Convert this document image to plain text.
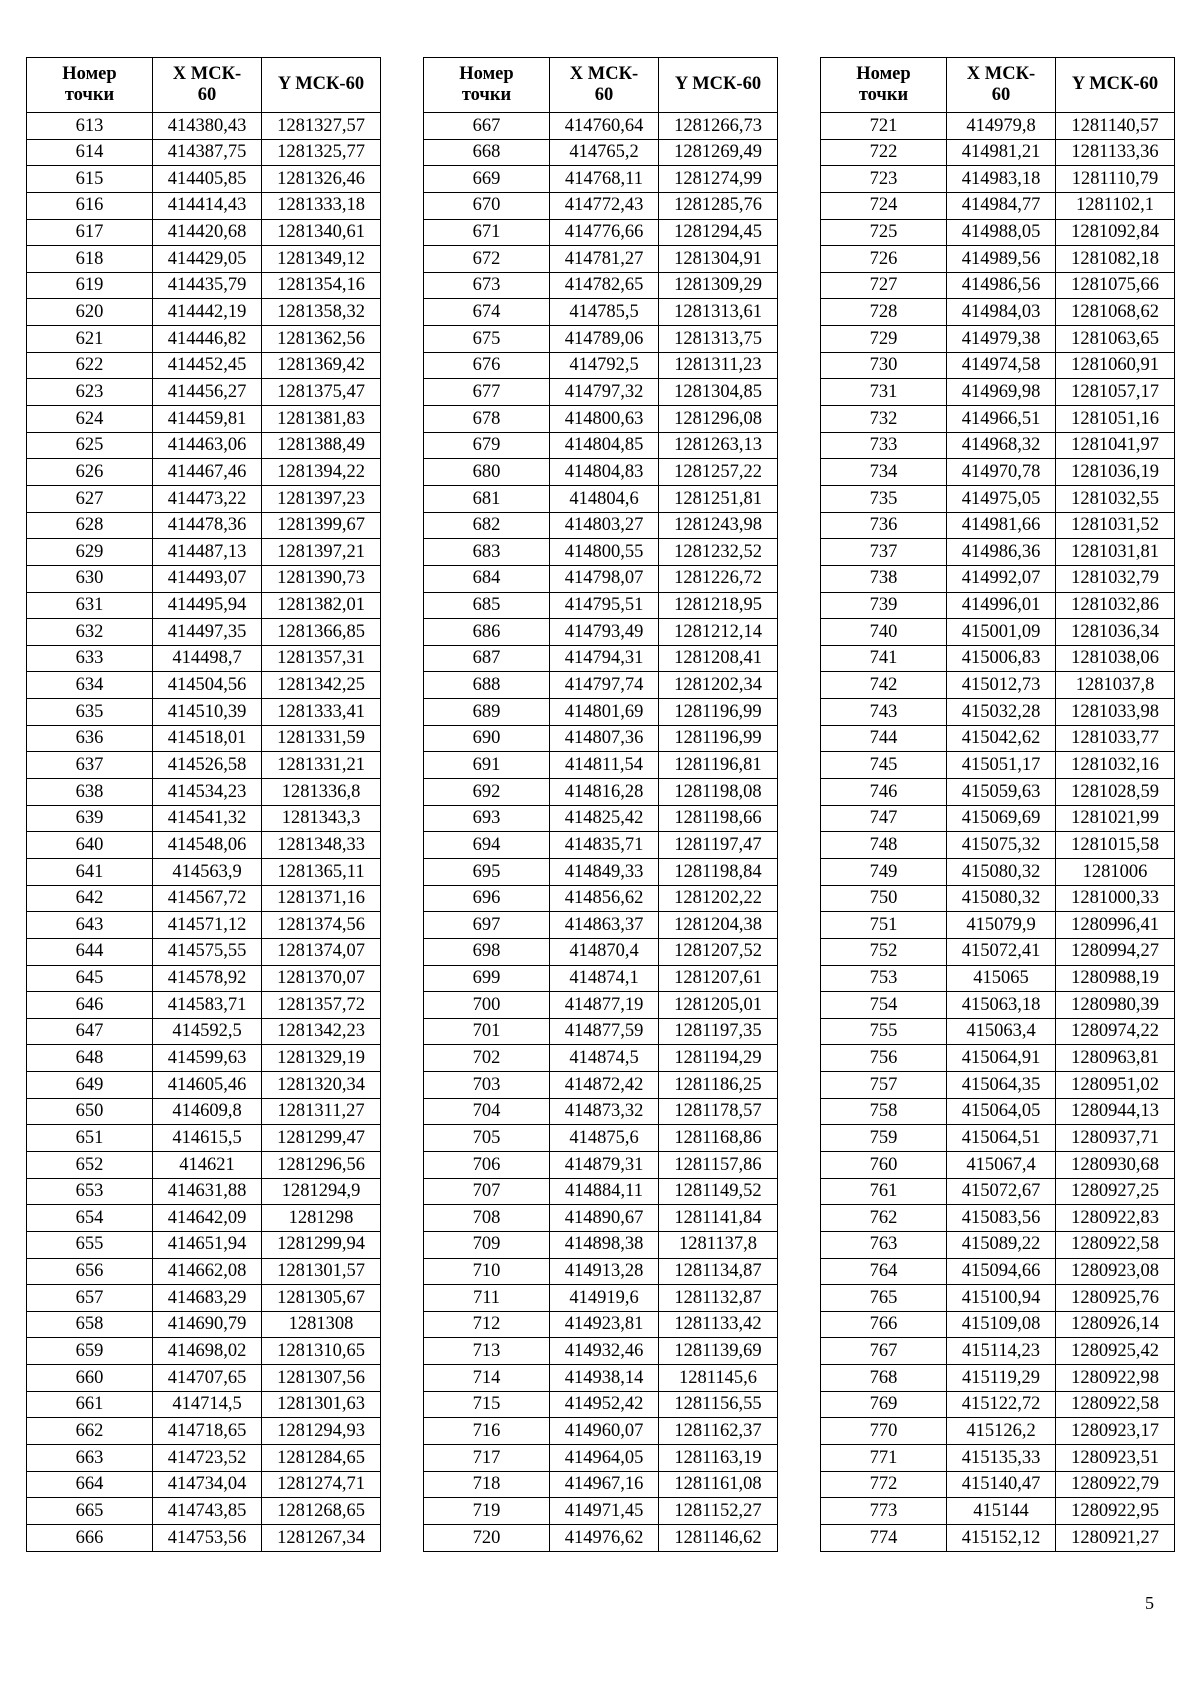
Номер
точки	X МСК-
60	Y МСК-60
613	414380,43	1281327,57
614	414387,75	1281325,77
615	414405,85	1281326,46
616	414414,43	1281333,18
617	414420,68	1281340,61
618	414429,05	1281349,12
619	414435,79	1281354,16
620	414442,19	1281358,32
621	414446,82	1281362,56
622	414452,45	1281369,42
623	414456,27	1281375,47
624	414459,81	1281381,83
625	414463,06	1281388,49
626	414467,46	1281394,22
627	414473,22	1281397,23
628	414478,36	1281399,67
629	414487,13	1281397,21
630	414493,07	1281390,73
631	414495,94	1281382,01
632	414497,35	1281366,85
633	414498,7	1281357,31
634	414504,56	1281342,25
635	414510,39	1281333,41
636	414518,01	1281331,59
637	414526,58	1281331,21
638	414534,23	1281336,8
639	414541,32	1281343,3
640	414548,06	1281348,33
641	414563,9	1281365,11
642	414567,72	1281371,16
643	414571,12	1281374,56
644	414575,55	1281374,07
645	414578,92	1281370,07
646	414583,71	1281357,72
647	414592,5	1281342,23
648	414599,63	1281329,19
649	414605,46	1281320,34
650	414609,8	1281311,27
651	414615,5	1281299,47
652	414621	1281296,56
653	414631,88	1281294,9
654	414642,09	1281298
655	414651,94	1281299,94
656	414662,08	1281301,57
657	414683,29	1281305,67
658	414690,79	1281308
659	414698,02	1281310,65
660	414707,65	1281307,56
661	414714,5	1281301,63
662	414718,65	1281294,93
663	414723,52	1281284,65
664	414734,04	1281274,71
665	414743,85	1281268,65
666	414753,56	1281267,34
Номер
точки	X МСК-
60	Y МСК-60
667	414760,64	1281266,73
668	414765,2	1281269,49
669	414768,11	1281274,99
670	414772,43	1281285,76
671	414776,66	1281294,45
672	414781,27	1281304,91
673	414782,65	1281309,29
674	414785,5	1281313,61
675	414789,06	1281313,75
676	414792,5	1281311,23
677	414797,32	1281304,85
678	414800,63	1281296,08
679	414804,85	1281263,13
680	414804,83	1281257,22
681	414804,6	1281251,81
682	414803,27	1281243,98
683	414800,55	1281232,52
684	414798,07	1281226,72
685	414795,51	1281218,95
686	414793,49	1281212,14
687	414794,31	1281208,41
688	414797,74	1281202,34
689	414801,69	1281196,99
690	414807,36	1281196,99
691	414811,54	1281196,81
692	414816,28	1281198,08
693	414825,42	1281198,66
694	414835,71	1281197,47
695	414849,33	1281198,84
696	414856,62	1281202,22
697	414863,37	1281204,38
698	414870,4	1281207,52
699	414874,1	1281207,61
700	414877,19	1281205,01
701	414877,59	1281197,35
702	414874,5	1281194,29
703	414872,42	1281186,25
704	414873,32	1281178,57
705	414875,6	1281168,86
706	414879,31	1281157,86
707	414884,11	1281149,52
708	414890,67	1281141,84
709	414898,38	1281137,8
710	414913,28	1281134,87
711	414919,6	1281132,87
712	414923,81	1281133,42
713	414932,46	1281139,69
714	414938,14	1281145,6
715	414952,42	1281156,55
716	414960,07	1281162,37
717	414964,05	1281163,19
718	414967,16	1281161,08
719	414971,45	1281152,27
720	414976,62	1281146,62
Номер
точки	X МСК-
60	Y МСК-60
721	414979,8	1281140,57
722	414981,21	1281133,36
723	414983,18	1281110,79
724	414984,77	1281102,1
725	414988,05	1281092,84
726	414989,56	1281082,18
727	414986,56	1281075,66
728	414984,03	1281068,62
729	414979,38	1281063,65
730	414974,58	1281060,91
731	414969,98	1281057,17
732	414966,51	1281051,16
733	414968,32	1281041,97
734	414970,78	1281036,19
735	414975,05	1281032,55
736	414981,66	1281031,52
737	414986,36	1281031,81
738	414992,07	1281032,79
739	414996,01	1281032,86
740	415001,09	1281036,34
741	415006,83	1281038,06
742	415012,73	1281037,8
743	415032,28	1281033,98
744	415042,62	1281033,77
745	415051,17	1281032,16
746	415059,63	1281028,59
747	415069,69	1281021,99
748	415075,32	1281015,58
749	415080,32	1281006
750	415080,32	1281000,33
751	415079,9	1280996,41
752	415072,41	1280994,27
753	415065	1280988,19
754	415063,18	1280980,39
755	415063,4	1280974,22
756	415064,91	1280963,81
757	415064,35	1280951,02
758	415064,05	1280944,13
759	415064,51	1280937,71
760	415067,4	1280930,68
761	415072,67	1280927,25
762	415083,56	1280922,83
763	415089,22	1280922,58
764	415094,66	1280923,08
765	415100,94	1280925,76
766	415109,08	1280926,14
767	415114,23	1280925,42
768	415119,29	1280922,98
769	415122,72	1280922,58
770	415126,2	1280923,17
771	415135,33	1280923,51
772	415140,47	1280922,79
773	415144	1280922,95
774	415152,12	1280921,27
5
